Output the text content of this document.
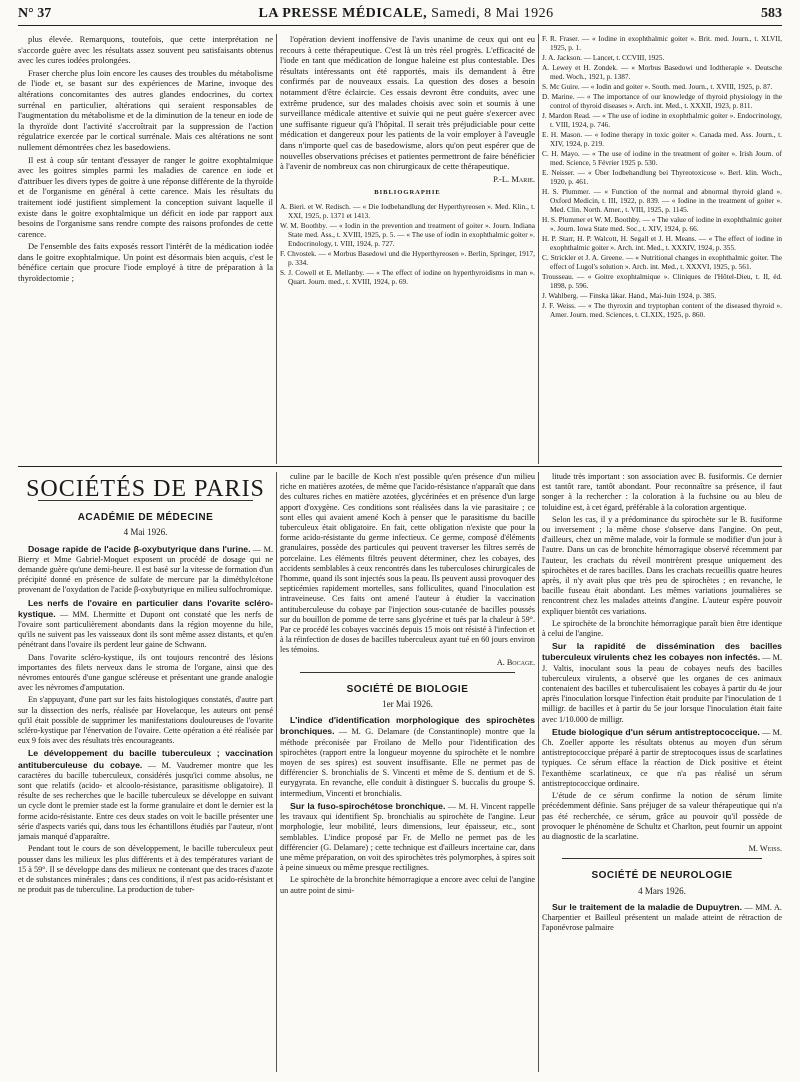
N° 37	LA PRESSE MÉDICALE, Samedi, 8 Mai 1926	583

plus élevée. Remarquons, toutefois, que cette interprétation ne s'accorde guère avec les résultats assez souvent peu satisfaisants obtenus avec les cures iodées prolongées.

Fraser cherche plus loin encore les causes des troubles du métabolisme de l'iode et, se basant sur des expériences de Marine, invoque des altérations concomitantes des autres glandes endocrines, du cortex surrénal en particulier, altérations qui seraient responsables de l'augmentation du métabolisme et de la diminution de la teneur en iode de la thyroïde dont l'activité s'accroîtrait par la suppression de l'action régulatrice exercée par le cortical surrénale. Mais ces altérations ne sont nullement démontrées chez les basedowiens.

Il est à coup sûr tentant d'essayer de ranger le goitre exophtalmique avec les goitres simples parmi les maladies de carence en iode et d'attribuer les divers types de goitre à une réponse différente de la thyroïde et de l'organisme en général à cette carence. Mais les résultats du traitement iodé justifient simplement la conception suivant laquelle il existe dans le goitre exophtalmique un déficit en iode par rapport aux besoins de l'organisme sans rendre compte des raisons profondes de cette carence.

De l'ensemble des faits exposés ressort l'intérêt de la médication iodée dans le goitre exophtalmique. Un point est désormais bien acquis, c'est le bénéfice certain que procure l'iode employé à titre de préparation à la thyroïdectomie ;

l'opération devient inoffensive de l'avis unanime de ceux qui ont eu recours à cette thérapeutique. C'est là un très réel progrès. L'efficacité de l'iode en tant que médication de longue haleine est plus contestable. Des résultats intéressants ont été rapportés, mais ils demandent à être confirmés par de nouveaux essais. La question des doses a besoin notamment d'être éclaircie. Ces essais devront être conduits, avec une extrême prudence, sur des malades choisis avec soin et soumis à une surveillance médicale attentive et suivie qui ne peut guère s'exercer avec une suffisante rigueur qu'à l'hôpital. Il serait très préjudiciable pour cette médication et dangereux pour les patients de la voir employer à l'aveugle dans n'importe quel cas de basedowisme, alors qu'on peut espérer que de nouvelles observations précises et patientes permettront de faire bénéficier à l'avenir de nombreux cas non chirurgicaux de cette thérapeutique.

P.-L. Marie.

BIBLIOGRAPHIE

A. Bieri. et W. Redisch. — « Die Iodbehandlung der Hyperthyreosen ». Med. Klin., t. XXI, 1925, p. 1371 et 1413.

W. M. Boothby. — « Iodin in the prevention and treatment of goiter ». Journ. Indiana State med. Ass., t. XVIII, 1925, p. 5. — « The use of iodin in exophthalmic goiter ». Endocrinology, t. VIII, 1924, p. 727.

F. Chvostek. — « Morbus Basedowi und die Hyperthyreosen ». Berlin, Springer, 1917, p. 334.

S. J. Cowell et E. Mellanby. — « The effect of iodine on hyperthyroidisms in man ». Quart. Journ. med., t. XVIII, 1924, p. 69.

F. R. Fraser. — « Iodine in exophthalmic goiter ». Brit. med. Journ., t. XLVII, 1925, p. 1.

J. A. Jackson. — Lancet, t. CCVIII, 1925.

A. Lewey et H. Zondek. — « Morbus Basedowi und Iodtherapie ». Deutsche med. Woch., 1921, p. 1387.

S. Mc Guire. — « Iodin and goiter ». South. med. Journ., t. XVIII, 1925, p. 87.

D. Marine. — « The importance of our knowledge of thyroid physiology in the control of thyroid diseases ». Arch. int. Med., t. XXXII, 1923, p. 811.

J. Mardon Read. — « The use of iodine in exophthalmic goiter ». Endocrinology, t. VIII, 1924, p. 746.

E. H. Mason. — « Iodine therapy in toxic goiter ». Canada med. Ass. Journ., t. XIV, 1924, p. 219.

C. H. Mayo. — « The use of iodine in the treatment of goiter ». Irish Journ. of med. Science, 5 Février 1925 p. 530.

E. Neisser. — « Über Iodbehandlung bei Thyreotoxicose ». Berl. klin. Woch., 1920, p. 461.

H. S. Plummer. — « Function of the normal and abnormal thyroid gland ». Oxford Medicin, t. III, 1922, p. 839. — « Iodine in the treatment of goiter ». Med. Clin. North. Amer., t. VIII, 1925, p. 1145.

H. S. Plummer et W. M. Boothby. — « The value of iodine in exophthalmic goiter ». Journ. Iowa State med. Soc., t. XIV, 1924, p. 66.

H. P. Starr, H. P. Walcott, H. Segall et J. H. Means. — « The effect of iodine in exophthalmic goiter ». Arch. int. Med., t. XXXIV, 1924, p. 355.

C. Strickler et J. A. Greene. — « Nutritional changes in exophthalmic goiter. The effect of Lugol's solution ». Arch. int. Med., t. XXXVI, 1925, p. 561.

Trousseau. — « Goitre exophtalmique ». Cliniques de l'Hôtel-Dieu, t. II, éd. 1898, p. 596.

J. Wahlberg. — Finska läkar. Hand., Mai-Juin 1924, p. 385.

J. F. Weiss. — « The thyroxin and tryptophan content of the diseased thyroid ». Amer. Journ. med. Sciences, t. CLXIX, 1925, p. 860.

SOCIÉTÉS DE PARIS
ACADÉMIE DE MÉDECINE
4 Mai 1926.

Dosage rapide de l'acide β-oxybutyrique dans l'urine. — M. Bierry et Mme Gabriel-Moquet exposent un procédé de dosage qui ne demande guère qu'une demi-heure. Il est basé sur la vitesse de formation d'un précipité donné en présence de sulfate de mercure par la diméthylcétone provenant de l'oxydation de l'acide β-oxybutyrique en milieu sulfochromique.

Les nerfs de l'ovaire en particulier dans l'ovarite scléro-kystique. — MM. Lhermitte et Dupont ont constaté que les nerfs de l'ovaire sont particulièrement abondants dans la région moyenne du hile, qu'ils ne suivent pas les vaisseaux dont ils sont même assez distants, et qu'en pénétrant dans l'ovaire ils perdent leur gaine de Schwann.

Dans l'ovarite scléro-kystique, ils ont toujours rencontré des lésions importantes des filets nerveux dans le stroma de l'organe, ainsi que des névromes entourés d'une gangue scléreuse et présentant une grande analogie avec les névromes d'amputation.

En s'appuyant, d'une part sur les faits histologiques constatés, d'autre part sur la dissection des nerfs, réalisée par Hovelacque, les auteurs ont pensé qu'il était possible de supprimer les manifestations douloureuses de l'ovarite scléro-kystique par l'énervation de l'ovaire. Cette opération a été réalisée par eux 9 fois avec des résultats très encourageants.

Le développement du bacille tuberculeux ; vaccination antituberculeuse du cobaye. — M. Vaudremer montre que les caractères du bacille tuberculeux, considérés jusqu'ici comme absolus, ne sont que relatifs (acido- et alcoolo-résistance, parasitisme obligatoire). Il résulte de ses recherches que le bacille tuberculeux se développe en suivant un cycle dont le premier stade est la forme granulaire et dont le dernier est la forme acido-résistante. Entre ces deux stades on voit le bacille présenter une série d'aspects variés qui, dans tous les échantillons étudiés par l'auteur, n'ont jamais manqué d'apparaître.

Pendant tout le cours de son développement, le bacille tuberculeux peut pousser dans les milieux les plus différents et à des températures variant de 15 à 59°. Il se développe dans des milieux ne contenant que des traces d'azote et de substances minérales ; dans ces conditions, il n'est pas acido-résistant et ne produit pas de tuberculine. La production de tuber-

culine par le bacille de Koch n'est possible qu'en présence d'un milieu riche en matières azotées, de même que l'acido-résistance n'apparaît que dans des cultures riches en matière azotées, glycérinées et en présence d'un large apport d'oxygène. Ces conditions sont réalisées dans la vie parasitaire ; ce sont elles qui avaient amené Koch à penser que le parasitisme du bacille tuberculeux était obligatoire. En fait, cette obligation n'existe que pour la forme acido-résistante du germe infectieux. Ce germe, composé d'éléments granulaires, possède des particules qui peuvent traverser les filtres serrés de porcelaine. Les éléments filtrés peuvent déterminer, chez les cobayes, des accidents semblables à ceux rencontrés dans les tuberculoses chirurgicales de l'homme, quand ils sont injectés sous la peau. Ils peuvent aussi provoquer des septicémies rapidement mortelles, sans folliculites, quand l'inoculation est intraveineuse. Ces faits ont amené l'auteur à étudier la vaccination antituberculeuse du cobaye par l'injection sous-cutanée de bacilles poussés sur du bouillon de pomme de terre sans glycérine et tués par la chaleur à 59°. Par ce procédé les cobayes vaccinés depuis 15 mois ont résisté à l'infection et à la réinfection de doses de bacilles tuberculeux ayant tué en 60 jours environ les témoins.

A. Bocage.

SOCIÉTÉ DE BIOLOGIE
1er Mai 1926.

L'indice d'identification morphologique des spirochètes bronchiques. — M. G. Delamare (de Constantinople) montre que la méthode préconisée par Froilano de Mello pour l'identification des spirochètes (rapport entre la longueur moyenne du spirochète et le nombre moyen de ses spires) est souvent insuffisante. Elle ne permet pas de différencier S. bronchialis de S. Vincenti et même de S. dentium et de S. eurygyrata. En revanche, elle conduit à distinguer S. buccalis du groupe S. intermedium, Vincenti et bronchialis.

Sur la fuso-spirochétose bronchique. — M. H. Vincent rappelle les travaux qui identifient Sp. bronchialis au spirochète de l'angine. Leur morphologie, leur mobilité, leurs dimensions, leur épaisseur, etc., sont semblables. L'indice proposé par Fr. de Mello ne permet pas de les différencier (G. Delamare) ; cette technique est d'ailleurs incertaine car, dans une même préparation, on voit des spirochètes très polymorphes, à spires soit à peine sinueux ou même presque rectilignes.

Le spirochète de la bronchite hémorragique a encore avec celui de l'angine un autre point de simi-

litude très important : son association avec B. fusiformis. Ce dernier est tantôt rare, tantôt abondant. Pour reconnaître sa présence, il faut songer à la rechercher : la coloration à la fuchsine ou au bleu de toluidine est, à cet égard, préférable à la coloration argentique.

Selon les cas, il y a prédominance du spirochète sur le B. fusiforme ou inversement ; la même chose s'observe dans l'angine. On peut, d'ailleurs, chez un même malade, voir la formule se modifier d'un jour à l'autre. Dans un cas de bronchite hémorragique observé récemment par l'auteur, les crachats du réveil montrèrent presque uniquement des spirochètes et de rares bacilles. Dans les crachats recueillis quatre heures après, il n'y avait plus que très peu de spirochètes ; en revanche, le bacille fuseau était abondant. Les mêmes variations journalières se rencontrent chez les malades atteints d'angine. L'auteur espère pouvoir expliquer bientôt ces variations.

Le spirochète de la bronchite hémorragique paraît bien être identique à celui de l'angine.

Sur la rapidité de dissémination des bacilles tuberculeux virulents chez les cobayes non infectés. — M. J. Valtis, inoculant sous la peau de cobayes neufs des bacilles tuberculeux virulents, a observé que les organes de ces animaux contenaient des bacilles et tuberculisaient les cobayes à partir du 4e jour après l'inoculation lorsque l'infection était produite par l'inoculation de 1 milligr. de bacilles et à partir du 5e jour lorsque l'inoculation était faite avec 1/10.000 de milligr.

Etude biologique d'un sérum antistreptococcique. — M. Ch. Zoeller apporte les résultats obtenus au moyen d'un sérum antistreptococcique préparé à partir de streptocoques issus de scarlatines typiques. Ce sérum efface la réaction de Dick positive et éteint l'exanthème scarlatineux, ce que n'a pas réalisé un sérum antistreptococcique ordinaire.

L'étude de ce sérum confirme la notion de sérum limite précédemment définie. Sans préjuger de sa valeur thérapeutique qui n'a pas été recherchée, ce sérum, grâce au pouvoir qu'il possède de provoquer le phénomène de Schultz et Charlton, peut fournir un appoint au diagnostic de la scarlatine.

M. Weiss.

SOCIÉTÉ DE NEUROLOGIE
4 Mars 1926.

Sur le traitement de la maladie de Dupuytren. — MM. A. Charpentier et Bailleul présentent un malade atteint de rétraction de l'aponévrose palmaire
